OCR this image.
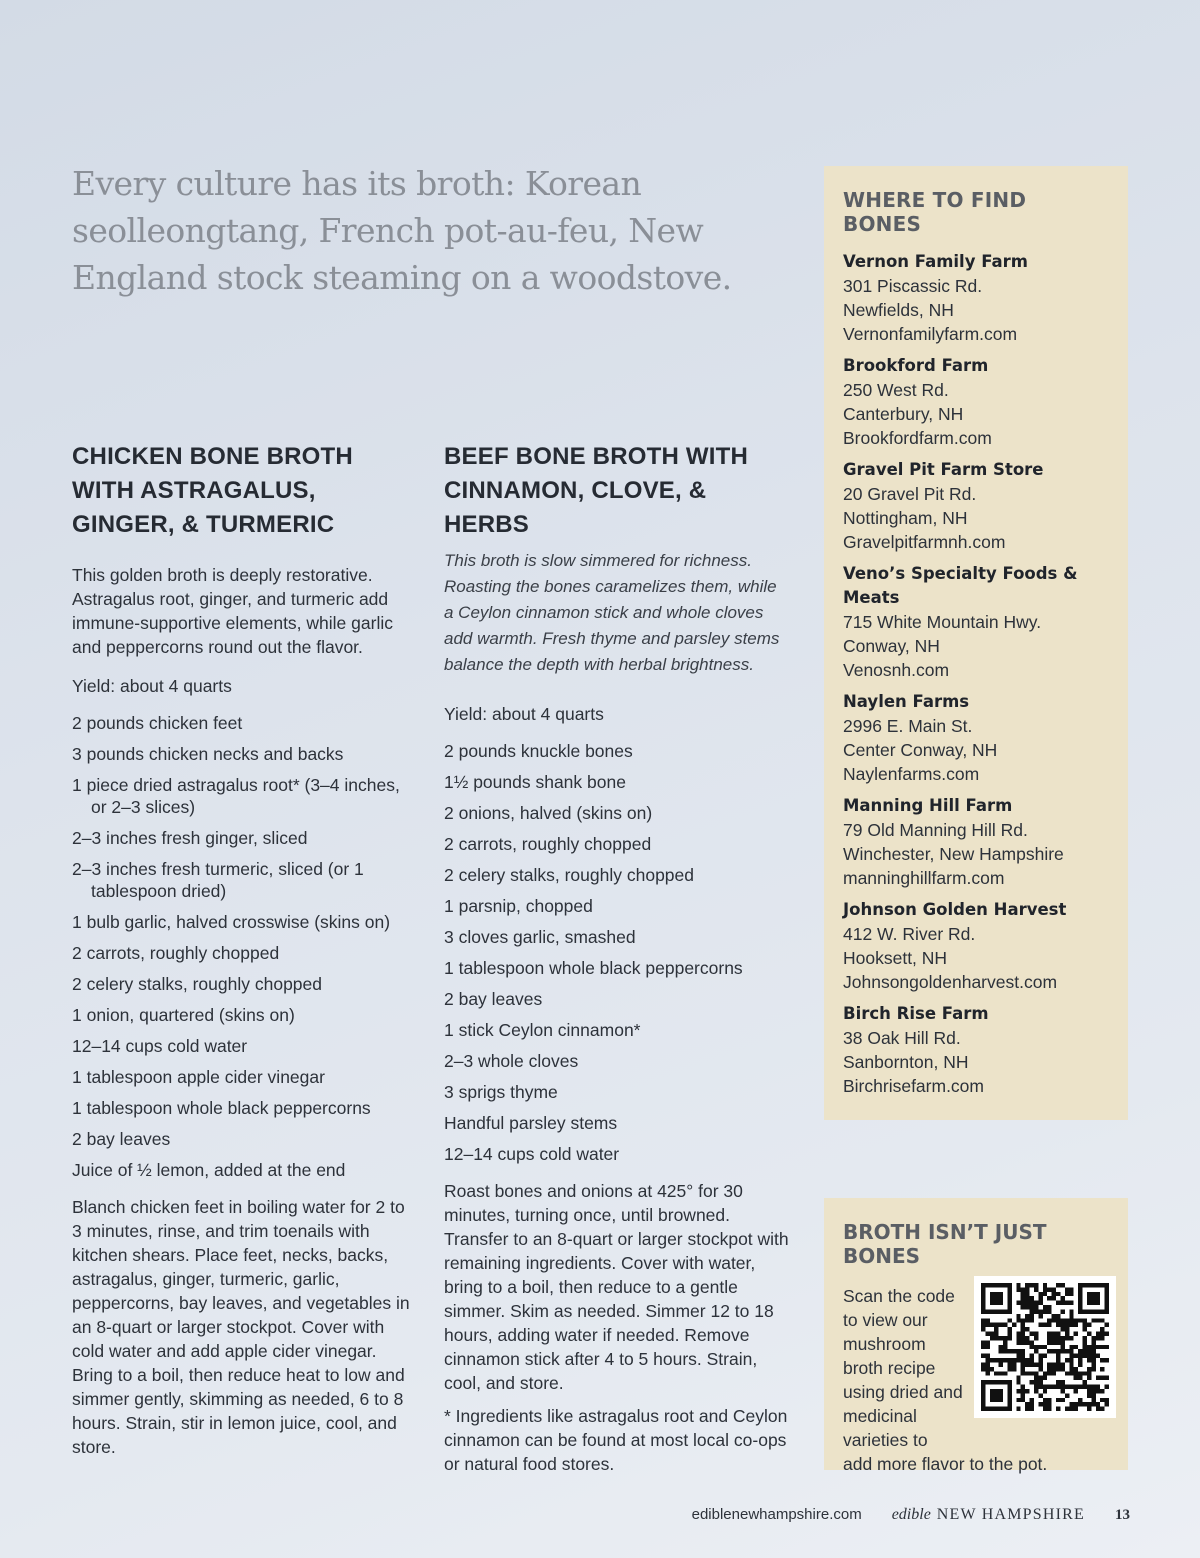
Every culture has its broth: Korean seolleongtang, French pot-au-feu, New England stock steaming on a woodstove.
CHICKEN BONE BROTH WITH ASTRAGALUS, GINGER, & TURMERIC

This golden broth is deeply restorative. Astragalus root, ginger, and turmeric add immune-supportive elements, while garlic and peppercorns round out the flavor.

Yield: about 4 quarts

2 pounds chicken feet
3 pounds chicken necks and backs
1 piece dried astragalus root* (3–4 inches, or 2–3 slices)
2–3 inches fresh ginger, sliced
2–3 inches fresh turmeric, sliced (or 1 tablespoon dried)
1 bulb garlic, halved crosswise (skins on)
2 carrots, roughly chopped
2 celery stalks, roughly chopped
1 onion, quartered (skins on)
12–14 cups cold water
1 tablespoon apple cider vinegar
1 tablespoon whole black peppercorns
2 bay leaves
Juice of ½ lemon, added at the end

Blanch chicken feet in boiling water for 2 to 3 minutes, rinse, and trim toenails with kitchen shears. Place feet, necks, backs, astragalus, ginger, turmeric, garlic, peppercorns, bay leaves, and vegetables in an 8-quart or larger stockpot. Cover with cold water and add apple cider vinegar. Bring to a boil, then reduce heat to low and simmer gently, skimming as needed, 6 to 8 hours. Strain, stir in lemon juice, cool, and store.

BEEF BONE BROTH WITH CINNAMON, CLOVE, & HERBS

This broth is slow simmered for richness. Roasting the bones caramelizes them, while a Ceylon cinnamon stick and whole cloves add warmth. Fresh thyme and parsley stems balance the depth with herbal brightness.

Yield: about 4 quarts

2 pounds knuckle bones
1½ pounds shank bone
2 onions, halved (skins on)
2 carrots, roughly chopped
2 celery stalks, roughly chopped
1 parsnip, chopped
3 cloves garlic, smashed
1 tablespoon whole black peppercorns
2 bay leaves
1 stick Ceylon cinnamon*
2–3 whole cloves
3 sprigs thyme
Handful parsley stems
12–14 cups cold water

Roast bones and onions at 425° for 30 minutes, turning once, until browned. Transfer to an 8-quart or larger stockpot with remaining ingredients. Cover with water, bring to a boil, then reduce to a gentle simmer. Skim as needed. Simmer 12 to 18 hours, adding water if needed. Remove cinnamon stick after 4 to 5 hours. Strain, cool, and store.

* Ingredients like astragalus root and Ceylon cinnamon can be found at most local co-ops or natural food stores.

WHERE TO FIND BONES
Vernon Family Farm
301 Piscassic Rd.
Newfields, NH
Vernonfamilyfarm.com
Brookford Farm
250 West Rd.
Canterbury, NH
Brookfordfarm.com
Gravel Pit Farm Store
20 Gravel Pit Rd.
Nottingham, NH
Gravelpitfarmnh.com
Veno’s Specialty Foods & Meats
715 White Mountain Hwy.
Conway, NH
Venosnh.com
Naylen Farms
2996 E. Main St.
Center Conway, NH
Naylenfarms.com
Manning Hill Farm
79 Old Manning Hill Rd.
Winchester, New Hampshire
manninghillfarm.com
Johnson Golden Harvest
412 W. River Rd.
Hooksett, NH
Johnsongoldenharvest.com
Birch Rise Farm
38 Oak Hill Rd.
Sanbornton, NH
Birchrisefarm.com
BROTH ISN’T JUST BONES
Scan the code to view our mushroom broth recipe using dried and medicinal varieties to
add more flavor to the pot.
ediblenewhampshire.com edible NEW HAMPSHIRE 13
